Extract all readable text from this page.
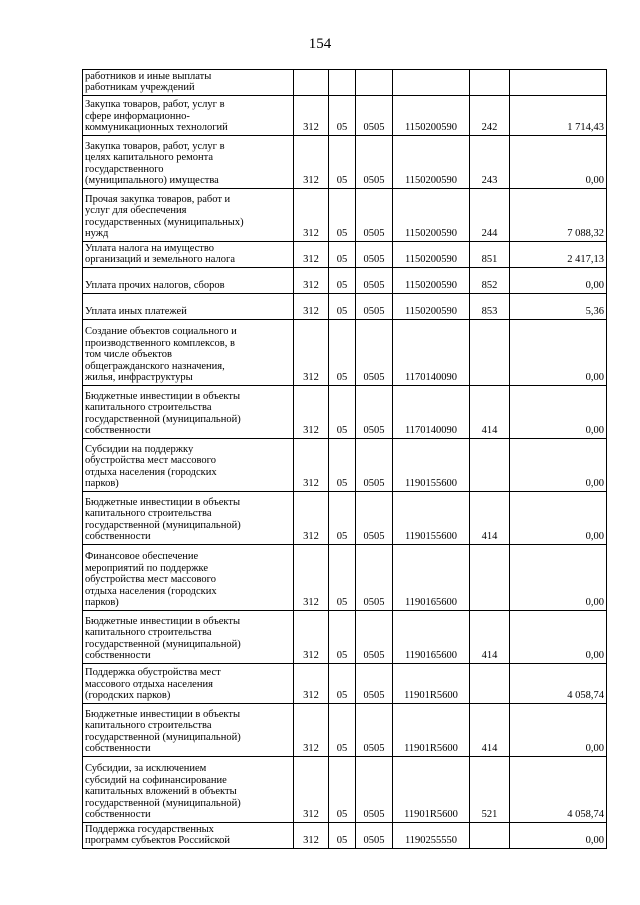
154
работников и иные выплаты
работникам учреждений						

Закупка товаров, работ, услуг в
сфере информационно-
коммуникационных технологий	312	05	0505	1150200590	242	1 714,43

Закупка товаров, работ, услуг в
целях капитального ремонта
государственного
(муниципального) имущества	312	05	0505	1150200590	243	0,00

Прочая закупка товаров, работ и
услуг для обеспечения
государственных (муниципальных)
нужд	312	05	0505	1150200590	244	7 088,32

Уплата налога на имущество
организаций и земельного налога	312	05	0505	1150200590	851	2 417,13

Уплата прочих налогов, сборов	312	05	0505	1150200590	852	0,00

Уплата иных платежей	312	05	0505	1150200590	853	5,36

Создание объектов социального и
производственного комплексов, в
том числе объектов
общегражданского назначения,
жилья, инфраструктуры	312	05	0505	1170140090		0,00

Бюджетные инвестиции в объекты
капитального строительства
государственной (муниципальной)
собственности	312	05	0505	1170140090	414	0,00

Субсидии на поддержку
обустройства мест массового
отдыха населения (городских
парков)	312	05	0505	1190155600		0,00

Бюджетные инвестиции в объекты
капитального строительства
государственной (муниципальной)
собственности	312	05	0505	1190155600	414	0,00

Финансовое обеспечение
мероприятий по поддержке
обустройства мест массового
отдыха населения (городских
парков)	312	05	0505	1190165600		0,00

Бюджетные инвестиции в объекты
капитального строительства
государственной (муниципальной)
собственности	312	05	0505	1190165600	414	0,00

Поддержка обустройства мест
массового отдыха населения
(городских парков)	312	05	0505	11901R5600		4 058,74

Бюджетные инвестиции в объекты
капитального строительства
государственной (муниципальной)
собственности	312	05	0505	11901R5600	414	0,00

Субсидии, за исключением
субсидий на софинансирование
капитальных вложений в объекты
государственной (муниципальной)
собственности	312	05	0505	11901R5600	521	4 058,74

Поддержка государственных
программ субъектов Российской	312	05	0505	1190255550		0,00
